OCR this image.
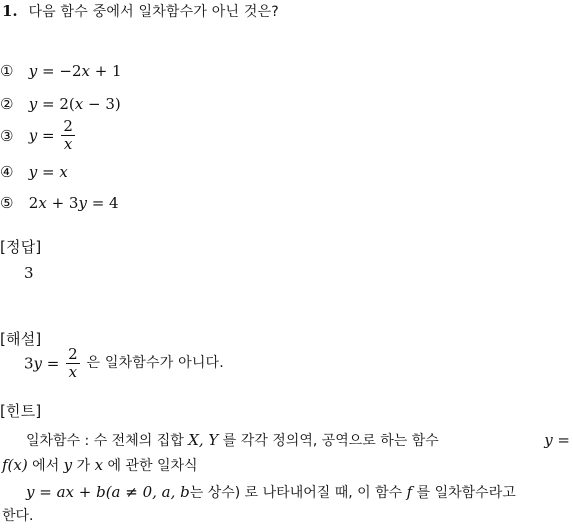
1. 다음 함수 중에서 일차함수가 아닌 것은?
① y = −2x + 1
② y = 2(x − 3)
③ $y = \frac{2}{x}$
④ y = x
⑤ 2x + 3y = 4
[정답]
3
[해설]
$3y = \frac{2}{x}$ 은 일차함수가 아니다.
[힌트]
일차함수 : 수 전체의 집합 X, Y 를 각각 정의역, 공역으로 하는 함수	y =
f(x) 에서 y 가 x 에 관한 일차식
y = ax + b(a ≠ 0, a, b는 상수) 로 나타내어질 때, 이 함수 f 를 일차함수라고
한다.
